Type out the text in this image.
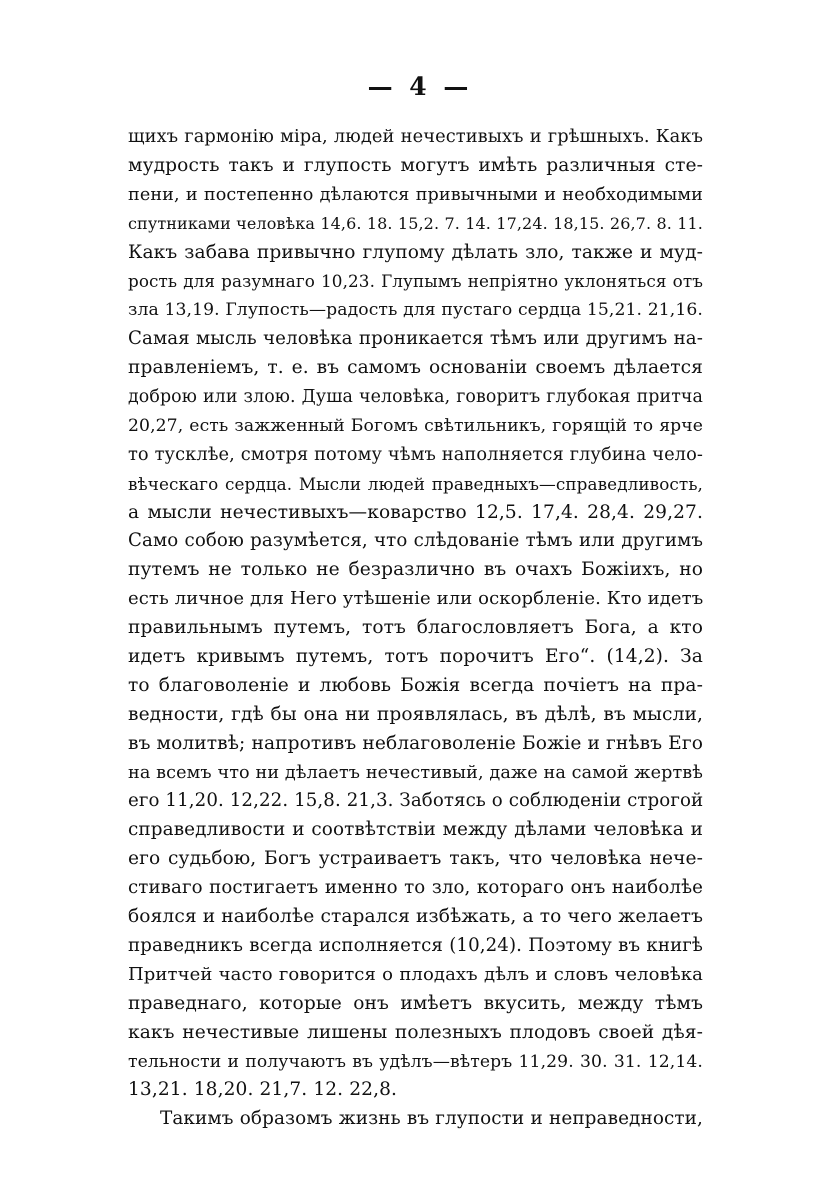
— 4 —
щихъ гармонію міра, людей нечестивыхъ и грѣшныхъ. Какъ
мудрость такъ и глупость могутъ имѣть различныя сте-
пени, и постепенно дѣлаются привычными и необходимыми
спутниками человѣка 14,6. 18. 15,2. 7. 14. 17,24. 18,15. 26,7. 8. 11.
Какъ забава привычно глупому дѣлать зло, также и муд-
рость для разумнаго 10,23. Глупымъ непріятно уклоняться отъ
зла 13,19. Глупость—радость для пустаго сердца 15,21. 21,16.
Самая мысль человѣка проникается тѣмъ или другимъ на-
правленіемъ, т. е. въ самомъ основаніи своемъ дѣлается
доброю или злою. Душа человѣка, говоритъ глубокая притча
20,27, есть зажженный Богомъ свѣтильникъ, горящій то ярче
то тусклѣе, смотря потому чѣмъ наполняется глубина чело-
вѣческаго сердца. Мысли людей праведныхъ—справедливость,
а мысли нечестивыхъ—коварство 12,5. 17,4. 28,4. 29,27.
Само собою разумѣется, что слѣдованіе тѣмъ или другимъ
путемъ не только не безразлично въ очахъ Божіихъ, но
есть личное для Него утѣшеніе или оскорбленіе. Кто идетъ
правильнымъ путемъ, тотъ благословляетъ Бога, а кто
идетъ кривымъ путемъ, тотъ порочитъ Его“. (14,2). За
то благоволеніе и любовь Божія всегда почіетъ на пра-
ведности, гдѣ бы она ни проявлялась, въ дѣлѣ, въ мысли,
въ молитвѣ; напротивъ неблаговоленіе Божіе и гнѣвъ Его
на всемъ что ни дѣлаетъ нечестивый, даже на самой жертвѣ
его 11,20. 12,22. 15,8. 21,3. Заботясь о соблюденіи строгой
справедливости и соотвѣтствіи между дѣлами человѣка и
его судьбою, Богъ устраиваетъ такъ, что человѣка нече-
стиваго постигаетъ именно то зло, котораго онъ наиболѣе
боялся и наиболѣе старался избѣжать, а то чего желаетъ
праведникъ всегда исполняется (10,24). Поэтому въ книгѣ
Притчей часто говорится о плодахъ дѣлъ и словъ человѣка
праведнаго, которые онъ имѣетъ вкусить, между тѣмъ
какъ нечестивые лишены полезныхъ плодовъ своей дѣя-
тельности и получаютъ въ удѣлъ—вѣтеръ 11,29. 30. 31. 12,14.
13,21. 18,20. 21,7. 12. 22,8.
Такимъ образомъ жизнь въ глупости и неправедности,
